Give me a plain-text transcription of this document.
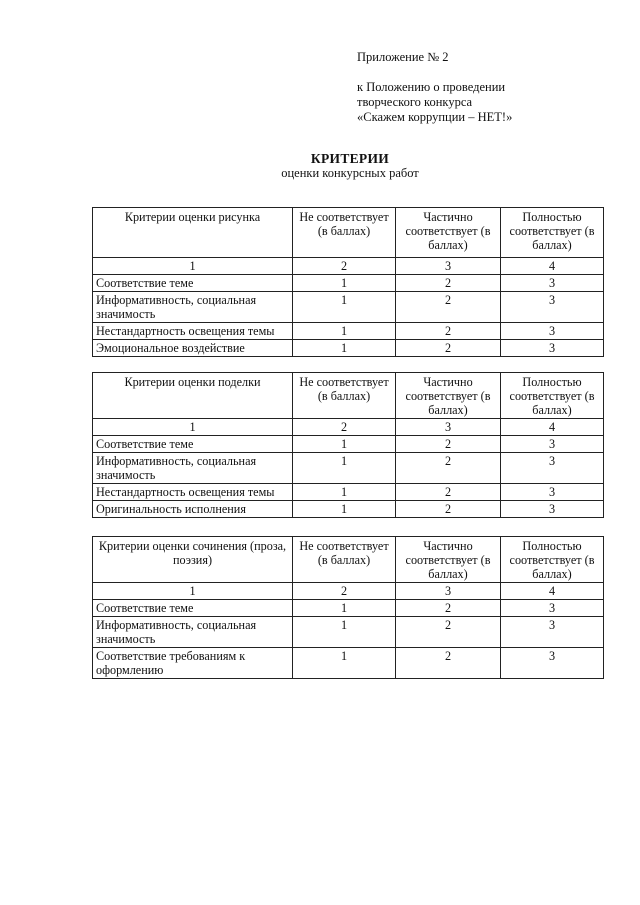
Приложение № 2
к Положению о проведении
творческого конкурса
«Скажем коррупции – НЕТ!»
КРИТЕРИИ
оценки конкурсных работ
Критерии оценки рисунка	Не соответствует (в баллах)	Частично соответствует (в баллах)	Полностью соответствует (в баллах)
1	2	3	4
Соответствие теме	1	2	3
Информативность, социальная значимость	1	2	3
Нестандартность освещения темы	1	2	3
Эмоциональное воздействие	1	2	3
Критерии оценки поделки	Не соответствует (в баллах)	Частично соответствует (в баллах)	Полностью соответствует (в баллах)
1	2	3	4
Соответствие теме	1	2	3
Информативность, социальная значимость	1	2	3
Нестандартность освещения темы	1	2	3
Оригинальность исполнения	1	2	3
Критерии оценки сочинения (проза, поэзия)	Не соответствует (в баллах)	Частично соответствует (в баллах)	Полностью соответствует (в баллах)
1	2	3	4
Соответствие теме	1	2	3
Информативность, социальная значимость	1	2	3
Соответствие требованиям к оформлению	1	2	3
